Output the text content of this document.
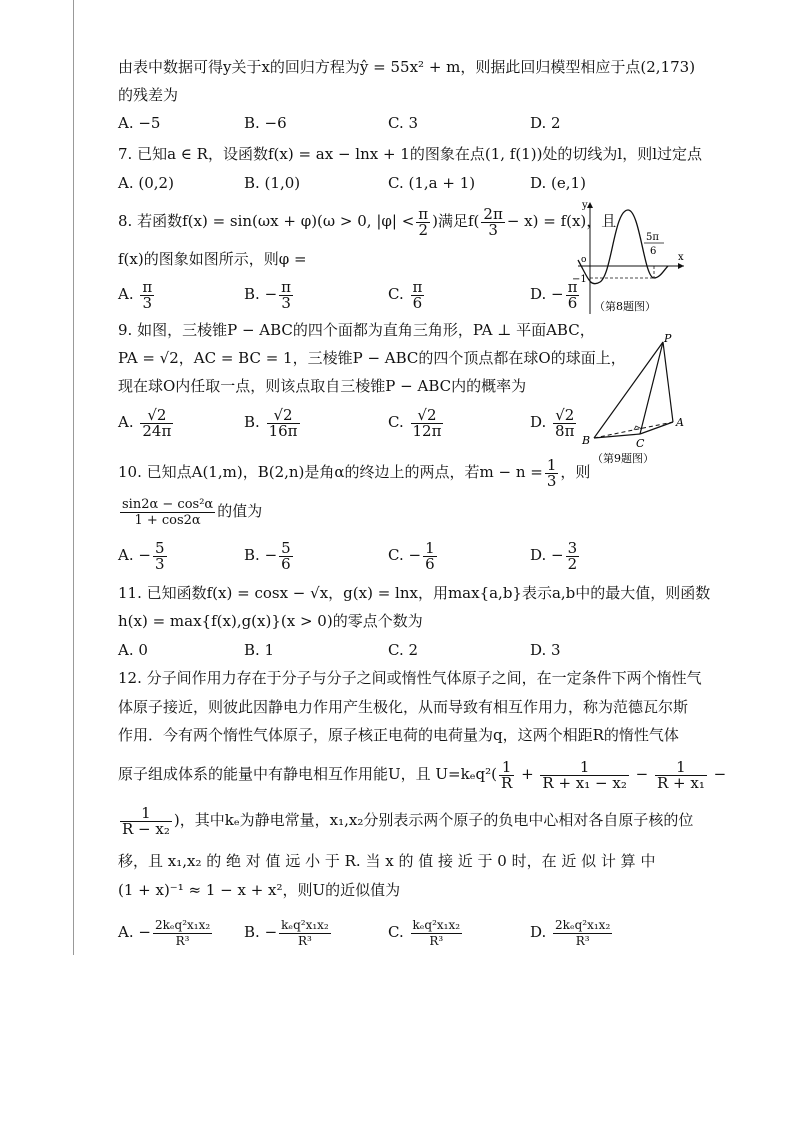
由表中数据可得y关于x的回归方程为ŷ = 55x² + m，则据此回归模型相应于点(2,173)
的残差为
A. −5	B. −6	C. 3	D. 2
7. 已知a ∈ R，设函数f(x) = ax − lnx + 1的图象在点(1, f(1))处的切线为l，则l过定点
A. (0,2)	B. (1,0)	C. (1,a + 1)	D. (e,1)
8. 若函数f(x) = sin(ωx + φ)(ω > 0, $|\varphi| < \frac{\pi}{2}$ )满足$f( \frac{2\pi}{3} - x) = f(x)$，且
f(x)的图象如图所示，则φ =
A. $\frac{\pi}{3}$	B. − $\frac{\pi}{3}$	C. $\frac{\pi}{6}$	D. − $\frac{\pi}{6}$
y
x
o
−1
5π
6
（第8题图）
9. 如图，三棱锥P − ABC的四个面都为直角三角形，PA ⊥ 平面ABC，
PA = √2，AC = BC = 1，三棱锥P − ABC的四个顶点都在球O的球面上，
现在球O内任取一点，则该点取自三棱锥P − ABC内的概率为
A. $\frac{√2}{24\pi}$	B. $\frac{√2}{16\pi}$	C. $\frac{√2}{12\pi}$	D. $\frac{√2}{8\pi}$
P
A
B	C
（第9题图）
10. 已知点A(1,m)，B(2,n)是角α的终边上的两点，若$m - n = \frac{1}{3}$ ，则
$\frac{\text{sin2α − cos²α}}{1 + \cos 2\alpha}$ 的值为
A. − $\frac{5}{3}$	B. − $\frac{5}{6}$	C. − $\frac{1}{6}$	D. − $\frac{3}{2}$
11. 已知函数f(x) = cosx − √x，g(x) = lnx，用max{a,b}表示a,b中的最大值，则函数
h(x) = max{f(x),g(x)}(x > 0)的零点个数为
A. 0	B. 1	C. 2	D. 3
12. 分子间作用力存在于分子与分子之间或惰性气体原子之间，在一定条件下两个惰性气
体原子接近，则彼此因静电力作用产生极化，从而导致有相互作用力，称为范德瓦尔斯
作用．今有两个惰性气体原子，原子核正电荷的电荷量为q，这两个相距R的惰性气体
原子组成体系的能量中有静电相互作用能U，且 $U=k_eq^2( \frac{1}{R} + \frac{1}{\text{R + x₁ − x₂}} - \frac{1}{\text{R + x₁}}$ −
$\frac{1}{\text{R − x₂}}$ )，其中kₑ为静电常量，x₁,x₂分别表示两个原子的负电中心相对各自原子核的位
移，且 x₁,x₂ 的 绝 对 值 远 小 于 R. 当 x 的 值 接 近 于 0 时，在 近 似 计 算 中
(1 + x)⁻¹ ≈ 1 − x + x²，则U的近似值为
A. − $\frac{\text{2kₑq²x₁x₂}}{\text{R³}} B$. − $\frac{\text{kₑq²x₁x₂}}{\text{R³}}$	C. $\frac{\text{kₑq²x₁x₂}}{\text{R³}}$	D. $\frac{\text{2kₑq²x₁x₂}}{\text{R³}}$
